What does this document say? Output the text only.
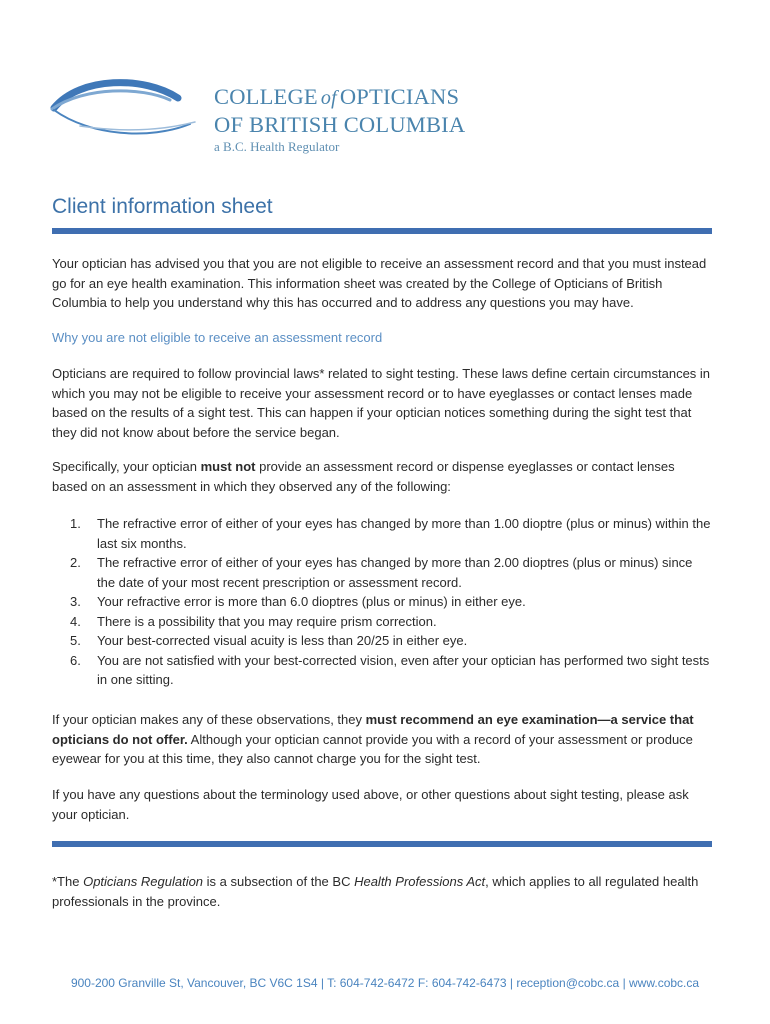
COLLEGE of OPTICIANS
OF BRITISH COLUMBIA
a B.C. Health Regulator
Client information sheet

Your optician has advised you that you are not eligible to receive an assessment record and that you must instead go for an eye health examination. This information sheet was created by the College of Opticians of British Columbia to help you understand why this has occurred and to address any questions you may have.

Why you are not eligible to receive an assessment record

Opticians are required to follow provincial laws* related to sight testing. These laws define certain circumstances in which you may not be eligible to receive your assessment record or to have eyeglasses or contact lenses made based on the results of a sight test. This can happen if your optician notices something during the sight test that they did not know about before the service began.

Specifically, your optician must not provide an assessment record or dispense eyeglasses or contact lenses based on an assessment in which they observed any of the following:

1. The refractive error of either of your eyes has changed by more than 1.00 dioptre (plus or minus) within the last six months.
2. The refractive error of either of your eyes has changed by more than 2.00 dioptres (plus or minus) since the date of your most recent prescription or assessment record.
3. Your refractive error is more than 6.0 dioptres (plus or minus) in either eye.
4. There is a possibility that you may require prism correction.
5. Your best-corrected visual acuity is less than 20/25 in either eye.
6. You are not satisfied with your best-corrected vision, even after your optician has performed two sight tests in one sitting.

If your optician makes any of these observations, they must recommend an eye examination—a service that opticians do not offer. Although your optician cannot provide you with a record of your assessment or produce eyewear for you at this time, they also cannot charge you for the sight test.

If you have any questions about the terminology used above, or other questions about sight testing, please ask your optician.

*The Opticians Regulation is a subsection of the BC Health Professions Act, which applies to all regulated health professionals in the province.

900-200 Granville St, Vancouver, BC V6C 1S4 | T: 604-742-6472 F: 604-742-6473 | reception@cobc.ca | www.cobc.ca
